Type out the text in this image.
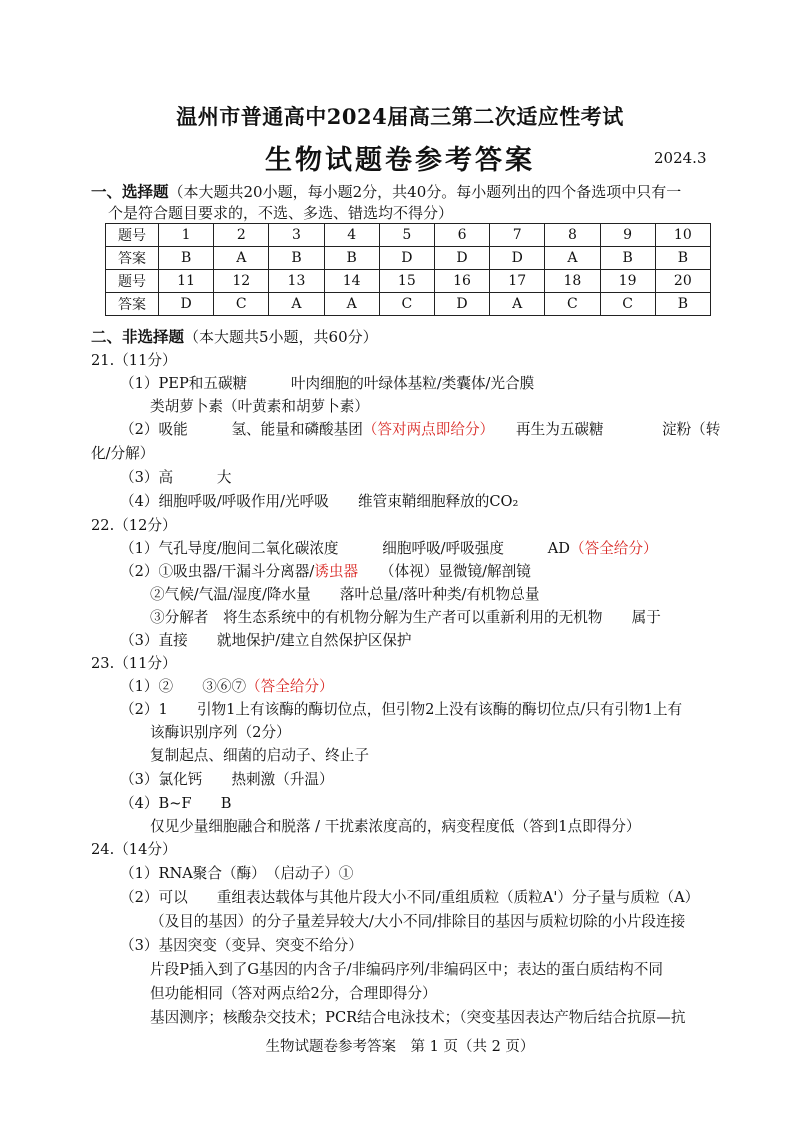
温州市普通高中2024届高三第二次适应性考试
生物试题卷参考答案	2024.3
一、选择题（本大题共20小题，每小题2分，共40分。每小题列出的四个备选项中只有一
个是符合题目要求的，不选、多选、错选均不得分）
题号	1	2	3	4	5	6	7	8	9	10
答案	B	A	B	B	D	D	D	A	B	B
题号	11	12	13	14	15	16	17	18	19	20
答案	D	C	A	A	C	D	A	C	C	B
二、非选择题（本大题共5小题，共60分）
21.（11分）
（1）PEP和五碳糖　　　叶肉细胞的叶绿体基粒/类囊体/光合膜
类胡萝卜素（叶黄素和胡萝卜素）
（2）吸能　　　氢、能量和磷酸基团（答对两点即给分）　　再生为五碳糖　　　　淀粉（转
化/分解）
（3）高　　　大
（4）细胞呼吸/呼吸作用/光呼吸　　维管束鞘细胞释放的CO₂
22.（12分）
（1）气孔导度/胞间二氧化碳浓度　　　细胞呼吸/呼吸强度　　　AD（答全给分）
（2）①吸虫器/干漏斗分离器/诱虫器　　（体视）显微镜/解剖镜
②气候/气温/湿度/降水量　　落叶总量/落叶种类/有机物总量
③分解者　将生态系统中的有机物分解为生产者可以重新利用的无机物　　属于
（3）直接　　就地保护/建立自然保护区保护
23.（11分）
（1）②　　③⑥⑦（答全给分）
（2）1　　引物1上有该酶的酶切位点，但引物2上没有该酶的酶切位点/只有引物1上有
该酶识别序列（2分）
复制起点、细菌的启动子、终止子
（3）氯化钙　　热刺激（升温）
（4）B~F　　B
仅见少量细胞融合和脱落 / 干扰素浓度高的，病变程度低（答到1点即得分）
24.（14分）
（1）RNA聚合（酶）　（启动子）①
（2）可以　　重组表达载体与其他片段大小不同/重组质粒（质粒A'）分子量与质粒（A）
（及目的基因）的分子量差异较大/大小不同/排除目的基因与质粒切除的小片段连接
（3）基因突变（变异、突变不给分）
片段P插入到了G基因的内含子/非编码序列/非编码区中；表达的蛋白质结构不同
但功能相同（答对两点给2分，合理即得分）
基因测序；核酸杂交技术；PCR结合电泳技术；（突变基因表达产物后结合抗原—抗
生物试题卷参考答案　第 1 页（共 2 页）
